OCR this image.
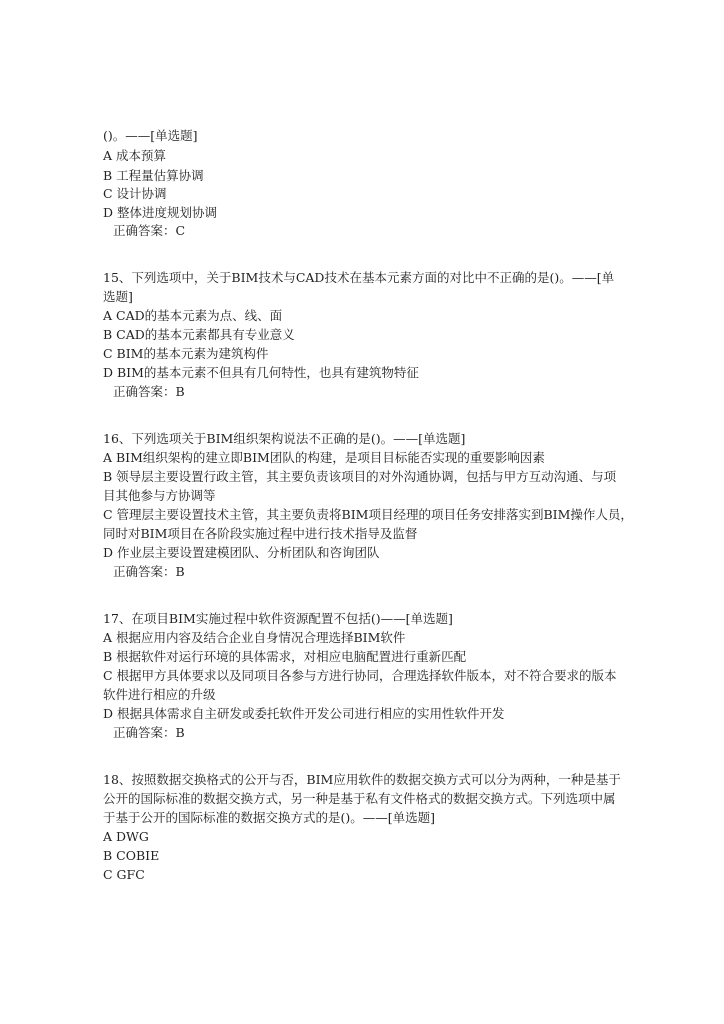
()。——[单选题]
A 成本预算
B 工程量估算协调
C 设计协调
D 整体进度规划协调
正确答案：C
15、下列选项中，关于BIM技术与CAD技术在基本元素方面的对比中不正确的是()。——[单
选题]
A CAD的基本元素为点、线、面
B CAD的基本元素都具有专业意义
C BIM的基本元素为建筑构件
D BIM的基本元素不但具有几何特性，也具有建筑物特征
正确答案：B
16、下列选项关于BIM组织架构说法不正确的是()。——[单选题]
A BIM组织架构的建立即BIM团队的构建，是项目目标能否实现的重要影响因素
B 领导层主要设置行政主管，其主要负责该项目的对外沟通协调，包括与甲方互动沟通、与项
目其他参与方协调等
C 管理层主要设置技术主管，其主要负责将BIM项目经理的项目任务安排落实到BIM操作人员，
同时对BIM项目在各阶段实施过程中进行技术指导及监督
D 作业层主要设置建模团队、分析团队和咨询团队
正确答案：B
17、在项目BIM实施过程中软件资源配置不包括()——[单选题]
A 根据应用内容及结合企业自身情况合理选择BIM软件
B 根据软件对运行环境的具体需求，对相应电脑配置进行重新匹配
C 根据甲方具体要求以及同项目各参与方进行协同，合理选择软件版本，对不符合要求的版本
软件进行相应的升级
D 根据具体需求自主研发或委托软件开发公司进行相应的实用性软件开发
正确答案：B
18、按照数据交换格式的公开与否，BIM应用软件的数据交换方式可以分为两种，一种是基于
公开的国际标准的数据交换方式，另一种是基于私有文件格式的数据交换方式。下列选项中属
于基于公开的国际标准的数据交换方式的是()。——[单选题]
A DWG
B COBIE
C GFC
